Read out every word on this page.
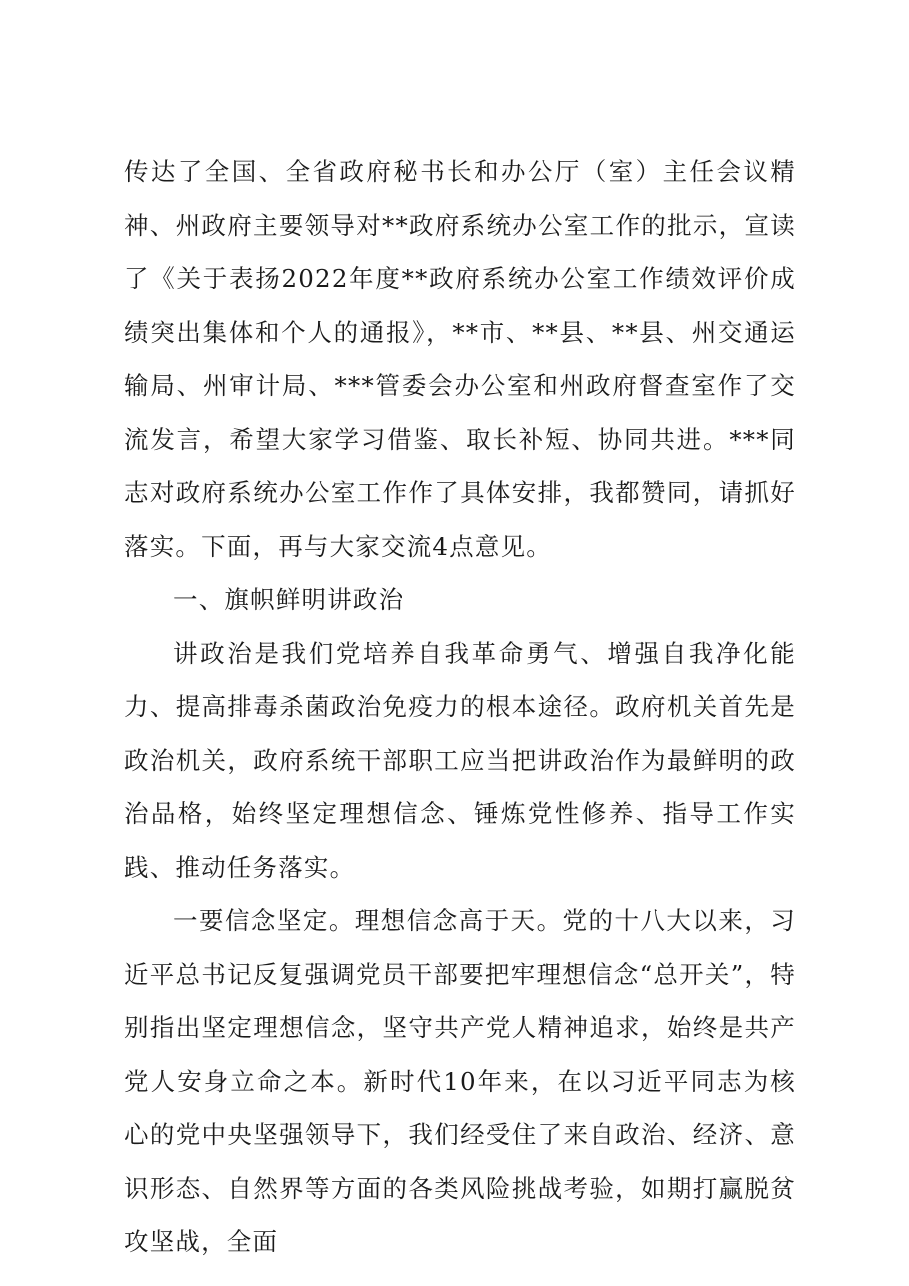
传达了全国、全省政府秘书长和办公厅（室）主任会议精神、州政府主要领导对**政府系统办公室工作的批示，宣读了《关于表扬2022年度**政府系统办公室工作绩效评价成绩突出集体和个人的通报》，**市、**县、**县、州交通运输局、州审计局、***管委会办公室和州政府督查室作了交流发言，希望大家学习借鉴、取长补短、协同共进。***同志对政府系统办公室工作作了具体安排，我都赞同，请抓好落实。下面，再与大家交流4点意见。

一、旗帜鲜明讲政治

讲政治是我们党培养自我革命勇气、增强自我净化能力、提高排毒杀菌政治免疫力的根本途径。政府机关首先是政治机关，政府系统干部职工应当把讲政治作为最鲜明的政治品格，始终坚定理想信念、锤炼党性修养、指导工作实践、推动任务落实。

一要信念坚定。理想信念高于天。党的十八大以来，习近平总书记反复强调党员干部要把牢理想信念“总开关”，特别指出坚定理想信念，坚守共产党人精神追求，始终是共产党人安身立命之本。新时代10年来，在以习近平同志为核心的党中央坚强领导下，我们经受住了来自政治、经济、意识形态、自然界等方面的各类风险挑战考验，如期打赢脱贫攻坚战，全面
